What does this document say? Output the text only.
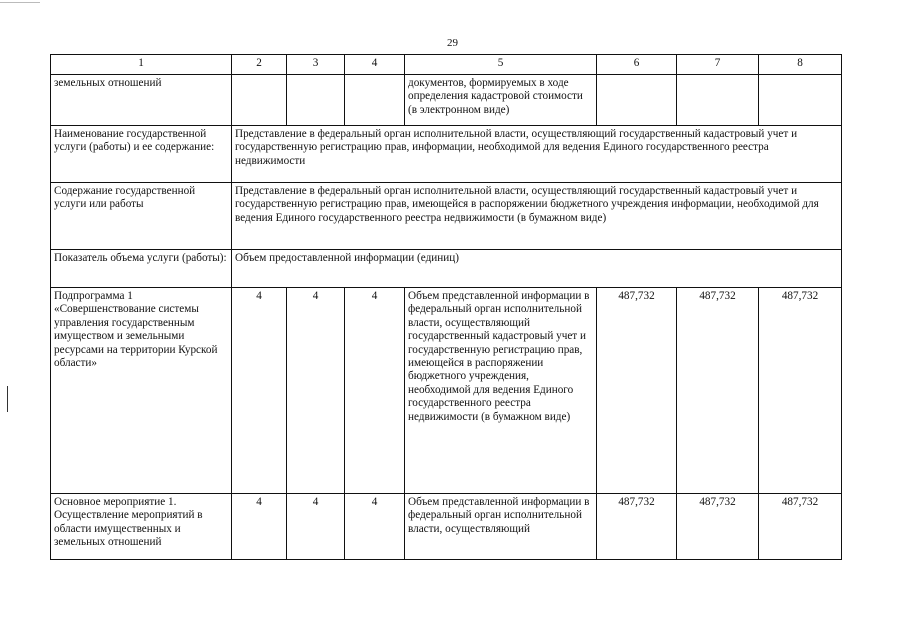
29
1	2	3	4	5	6	7	8
земельных отношений				документов, формируемых в ходе определения кадастровой стоимости (в электронном виде)			
Наименование государственной услуги (работы) и ее содержание:	Представление в федеральный орган исполнительной власти, осуществляющий государственный кадастровый учет и государственную регистрацию прав, информации, необходимой для ведения Единого государственного реестра недвижимости						
Содержание государственной услуги или работы	Представление в федеральный орган исполнительной власти, осуществляющий государственный кадастровый учет и государственную регистрацию прав, имеющейся в распоряжении бюджетного учреждения информации, необходимой для ведения Единого государственного реестра недвижимости (в бумажном виде)						
Показатель объема услуги (работы):	Объем предоставленной информации (единиц)						
Подпрограмма 1 «Совершенствование системы управления государственным имуществом и земельными ресурсами на территории Курской области»	4	4	4	Объем представленной информации в федеральный орган исполнительной власти, осуществляющий государственный кадастровый учет и государственную регистрацию прав, имеющейся в распоряжении бюджетного учреждения, необходимой для ведения Единого государственного реестра недвижимости (в бумажном виде)	487,732	487,732	487,732
Основное мероприятие 1. Осуществление мероприятий в области имущественных и земельных отношений	4	4	4	Объем представленной информации в федеральный орган исполнительной власти, осуществляющий	487,732	487,732	487,732
